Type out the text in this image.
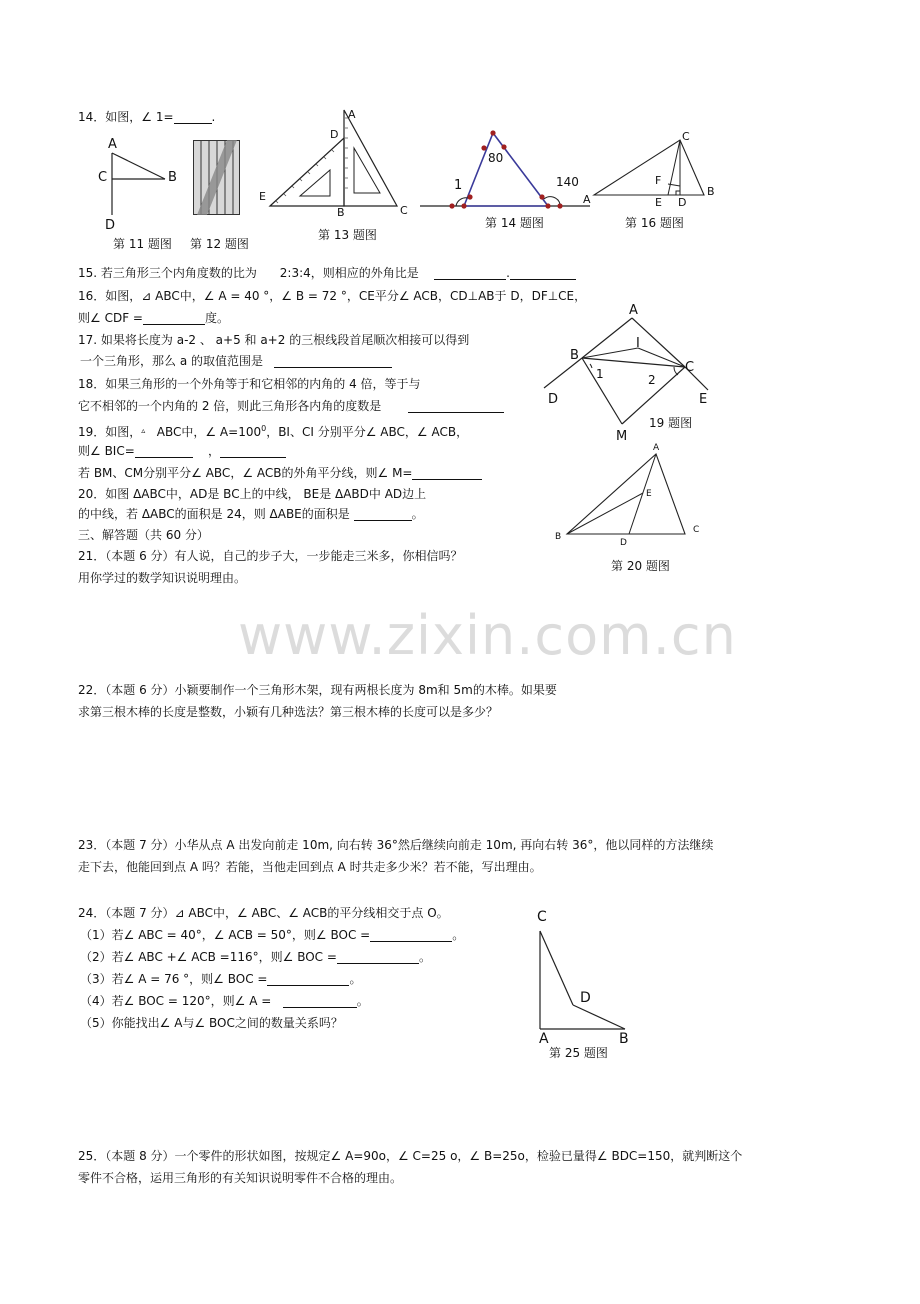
www.zixin.com.cn
14．如图，∠ 1=	.
A
C	B
D
第 11 题图 第 12 题图
A
D
E
B	C
第 13 题图
80
1	140
A
第 14 题图
C
F
E D
B
第 16 题图
15. 若三角形三个内角度数的比为 2:3:4，则相应的外角比是	.
16．如图，⊿ ABC中，∠ A = 40 °，∠ B = 72 °，CE平分∠ ACB，CD⊥AB于 D，DF⊥CE，
则∠ CDF =	度。
17. 如果将长度为 a-2 、 a+5 和 a+2 的三根线段首尾顺次相接可以得到
一个三角形，那么 a 的取值范围是
18．如果三角形的一个外角等于和它相邻的内角的 4 倍，等于与
它不相邻的一个内角的 2 倍，则此三角形各内角的度数是
19．如图，▵ ABC中，∠ $A=100^0$，BI、CI 分别平分∠ ABC，∠ ACB，
则∠ BIC=	，
若 BM、CM分别平分∠ ABC，∠ ACB的外角平分线，则∠ M=
A
B
I
C
1	2
D	E
M
19 题图
20．如图 ΔABC中，AD是 BC上的中线， BE是 ΔABD中 AD边上
的中线，若 ΔABC的面积是 24，则 ΔABE的面积是	。
A
E
B
D
C
第 20 题图
三、解答题（共 60 分）
21．（本题 6 分）有人说，自己的步子大，一步能走三米多，你相信吗？
用你学过的数学知识说明理由。
22．（本题 6 分）小颖要制作一个三角形木架，现有两根长度为 8m和 5m的木棒。如果要
求第三根木棒的长度是整数，小颖有几种选法？第三根木棒的长度可以是多少？
23．（本题 7 分）小华从点 A 出发向前走 10m, 向右转 36°然后继续向前走 10m, 再向右转 36°，他以同样的方法继续
走下去，他能回到点 A 吗？若能，当他走回到点 A 时共走多少米？若不能，写出理由。
24．（本题 7 分）⊿ ABC中，∠ ABC、∠ ACB的平分线相交于点 O。
（1）若∠ ABC = 40°，∠ ACB = 50°，则∠ BOC =	。
（2）若∠ ABC +∠ ACB =116°，则∠ BOC =	。
（3）若∠ A = 76 °，则∠ BOC =	。
（4）若∠ BOC = 120°，则∠ A =	。
（5）你能找出∠ A与∠ BOC之间的数量关系吗？
C
D
A	B
第 25 题图
25．（本题 8 分）一个零件的形状如图，按规定∠ A=90o，∠ C=25 o，∠ B=25o，检验已量得∠ BDC=150，就判断这个
零件不合格，运用三角形的有关知识说明零件不合格的理由。
